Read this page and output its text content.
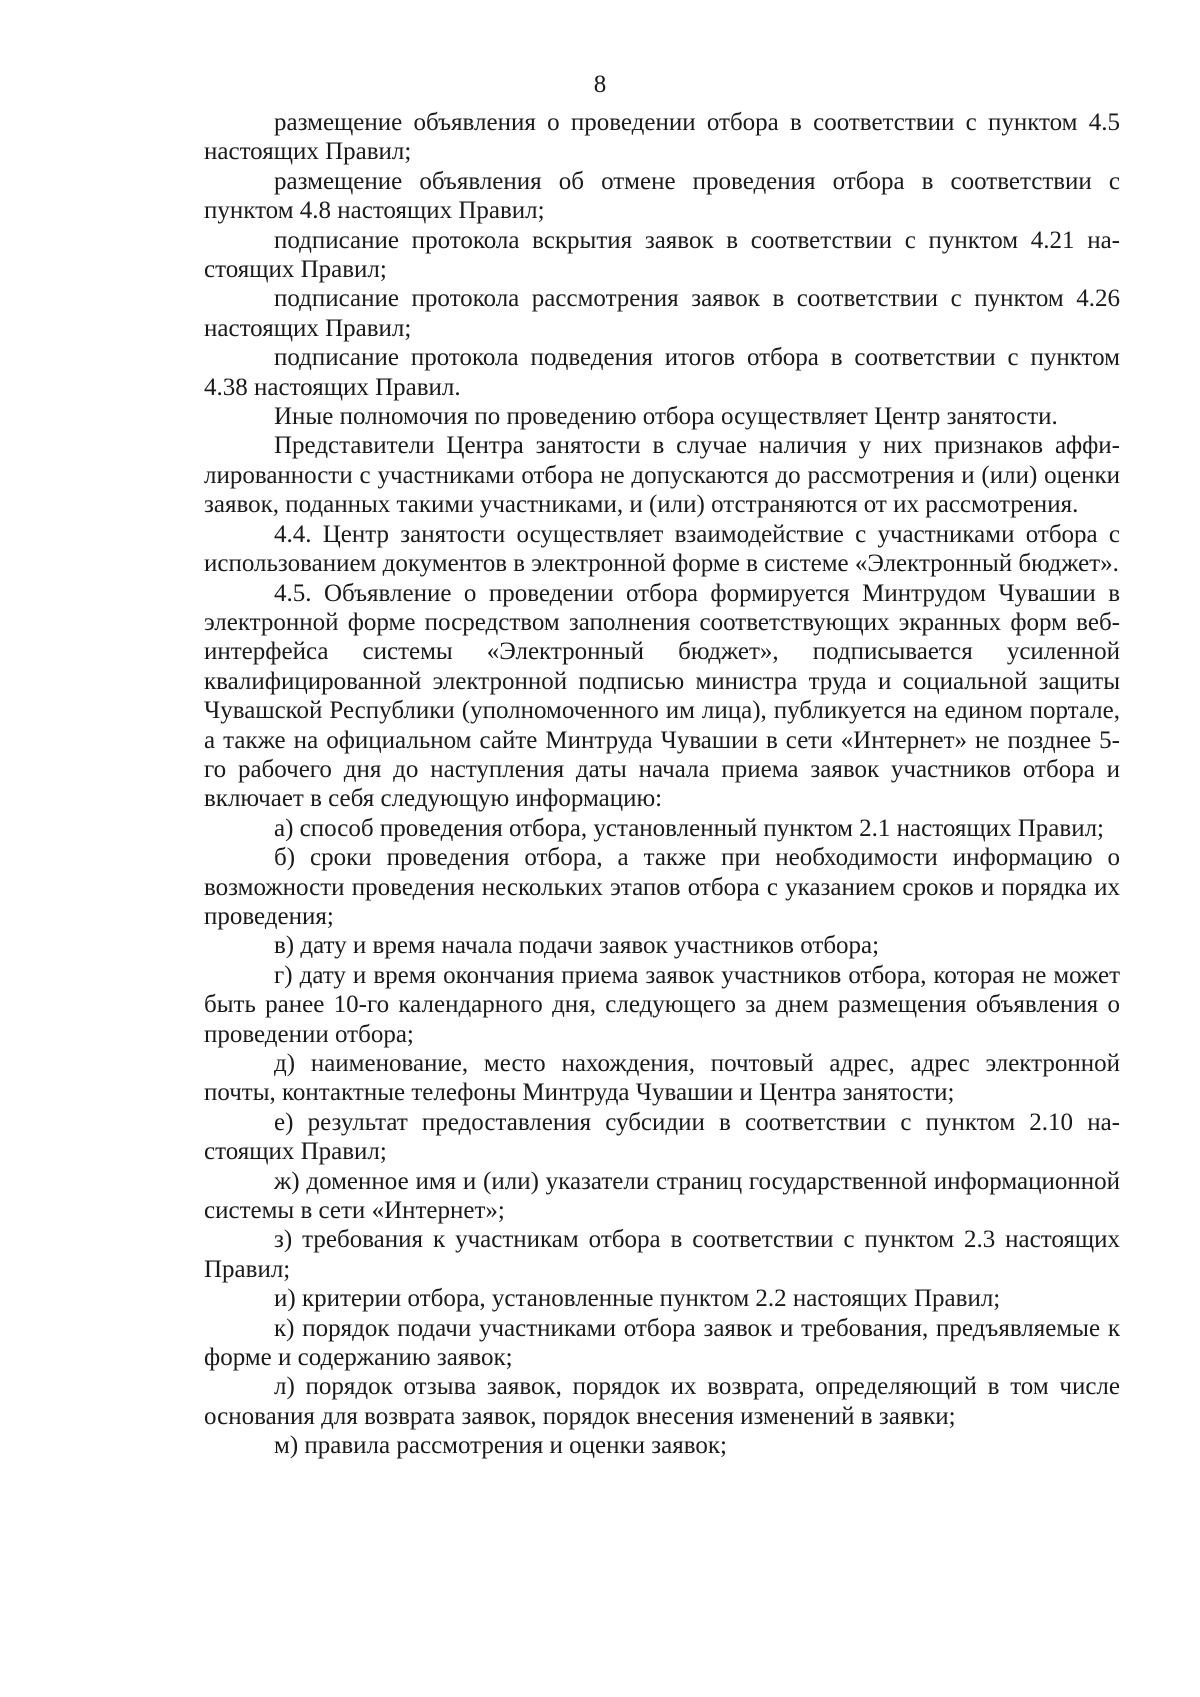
8

размещение объявления о проведении отбора в соответствии с пунктом 4.5 настоящих Правил;

размещение объявления об отмене проведения отбора в соответствии с пунктом 4.8 настоящих Правил;

подписание протокола вскрытия заявок в соответствии с пунктом 4.21 настоящих Правил;

подписание протокола рассмотрения заявок в соответствии с пунктом 4.26 настоящих Правил;

подписание протокола подведения итогов отбора в соответствии с пунктом 4.38 настоящих Правил.

Иные полномочия по проведению отбора осуществляет Центр занятости.

Представители Центра занятости в случае наличия у них признаков аффилированности с участниками отбора не допускаются до рассмотрения и (или) оценки заявок, поданных такими участниками, и (или) отстраняются от их рассмотрения.

4.4. Центр занятости осуществляет взаимодействие с участниками отбора с использованием документов в электронной форме в системе «Электронный бюджет».

4.5. Объявление о проведении отбора формируется Минтрудом Чувашии в электронной форме посредством заполнения соответствующих экранных форм веб-интерфейса системы «Электронный бюджет», подписывается усиленной квалифицированной электронной подписью министра труда и социальной защиты Чувашской Республики (уполномоченного им лица), публикуется на едином портале, а также на официальном сайте Минтруда Чувашии в сети «Интернет» не позднее 5-го рабочего дня до наступления даты начала приема заявок участников отбора и включает в себя следующую информацию:

а) способ проведения отбора, установленный пунктом 2.1 настоящих Правил;

б) сроки проведения отбора, а также при необходимости информацию о возможности проведения нескольких этапов отбора с указанием сроков и порядка их проведения;

в) дату и время начала подачи заявок участников отбора;

г) дату и время окончания приема заявок участников отбора, которая не может быть ранее 10-го календарного дня, следующего за днем размещения объявления о проведении отбора;

д) наименование, место нахождения, почтовый адрес, адрес электронной почты, контактные телефоны Минтруда Чувашии и Центра занятости;

е) результат предоставления субсидии в соответствии с пунктом 2.10 настоящих Правил;

ж) доменное имя и (или) указатели страниц государственной информационной системы в сети «Интернет»;

з) требования к участникам отбора в соответствии с пунктом 2.3 настоящих Правил;

и) критерии отбора, установленные пунктом 2.2 настоящих Правил;

к) порядок подачи участниками отбора заявок и требования, предъявляемые к форме и содержанию заявок;

л) порядок отзыва заявок, порядок их возврата, определяющий в том числе основания для возврата заявок, порядок внесения изменений в заявки;

м) правила рассмотрения и оценки заявок;
